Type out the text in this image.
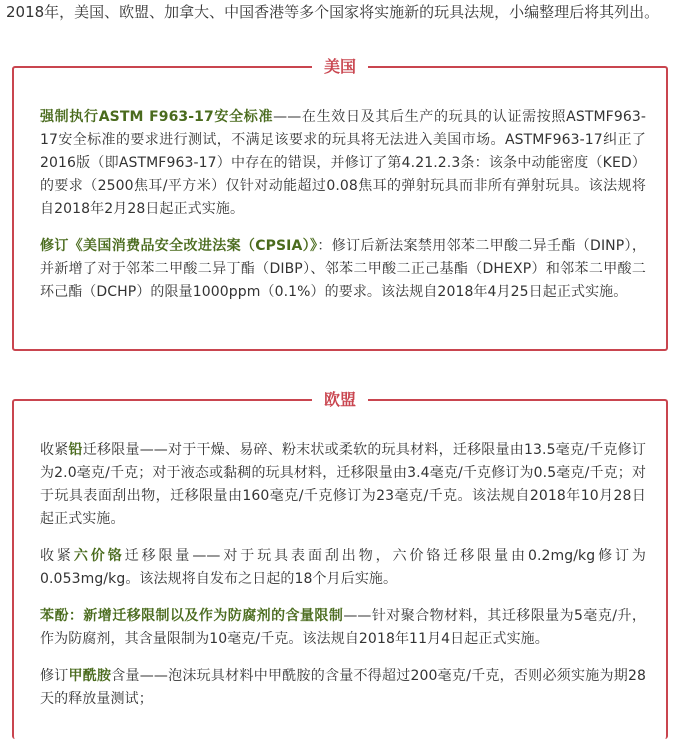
2018年，美国、欧盟、加拿大、中国香港等多个国家将实施新的玩具法规，小编整理后将其列出。
美国

强制执行ASTM F963-17安全标准——在生效日及其后生产的玩具的认证需按照ASTMF963-17安全标准的要求进行测试，不满足该要求的玩具将无法进入美国市场。ASTMF963-17纠正了2016版（即ASTMF963-17）中存在的错误，并修订了第4.21.2.3条：该条中动能密度（KED）的要求（2500焦耳/平方米）仅针对动能超过0.08焦耳的弹射玩具而非所有弹射玩具。该法规将自2018年2月28日起正式实施。

修订《美国消费品安全改进法案（CPSIA）》：修订后新法案禁用邻苯二甲酸二异壬酯（DINP），并新增了对于邻苯二甲酸二异丁酯（DIBP）、邻苯二甲酸二正己基酯（DHEXP）和邻苯二甲酸二环己酯（DCHP）的限量1000ppm（0.1%）的要求。该法规自2018年4月25日起正式实施。

欧盟

收紧铅迁移限量——对于干燥、易碎、粉末状或柔软的玩具材料，迁移限量由13.5毫克/千克修订为2.0毫克/千克；对于液态或黏稠的玩具材料，迁移限量由3.4毫克/千克修订为0.5毫克/千克；对于玩具表面刮出物，迁移限量由160毫克/千克修订为23毫克/千克。该法规自2018年10月28日起正式实施。

收紧六价铬迁移限量——对于玩具表面刮出物，六价铬迁移限量由0.2mg/kg修订为0.053mg/kg。该法规将自发布之日起的18个月后实施。

苯酚：新增迁移限制以及作为防腐剂的含量限制——针对聚合物材料，其迁移限量为5毫克/升，作为防腐剂，其含量限制为10毫克/千克。该法规自2018年11月4日起正式实施。

修订甲酰胺含量——泡沫玩具材料中甲酰胺的含量不得超过200毫克/千克，否则必须实施为期28天的释放量测试；
